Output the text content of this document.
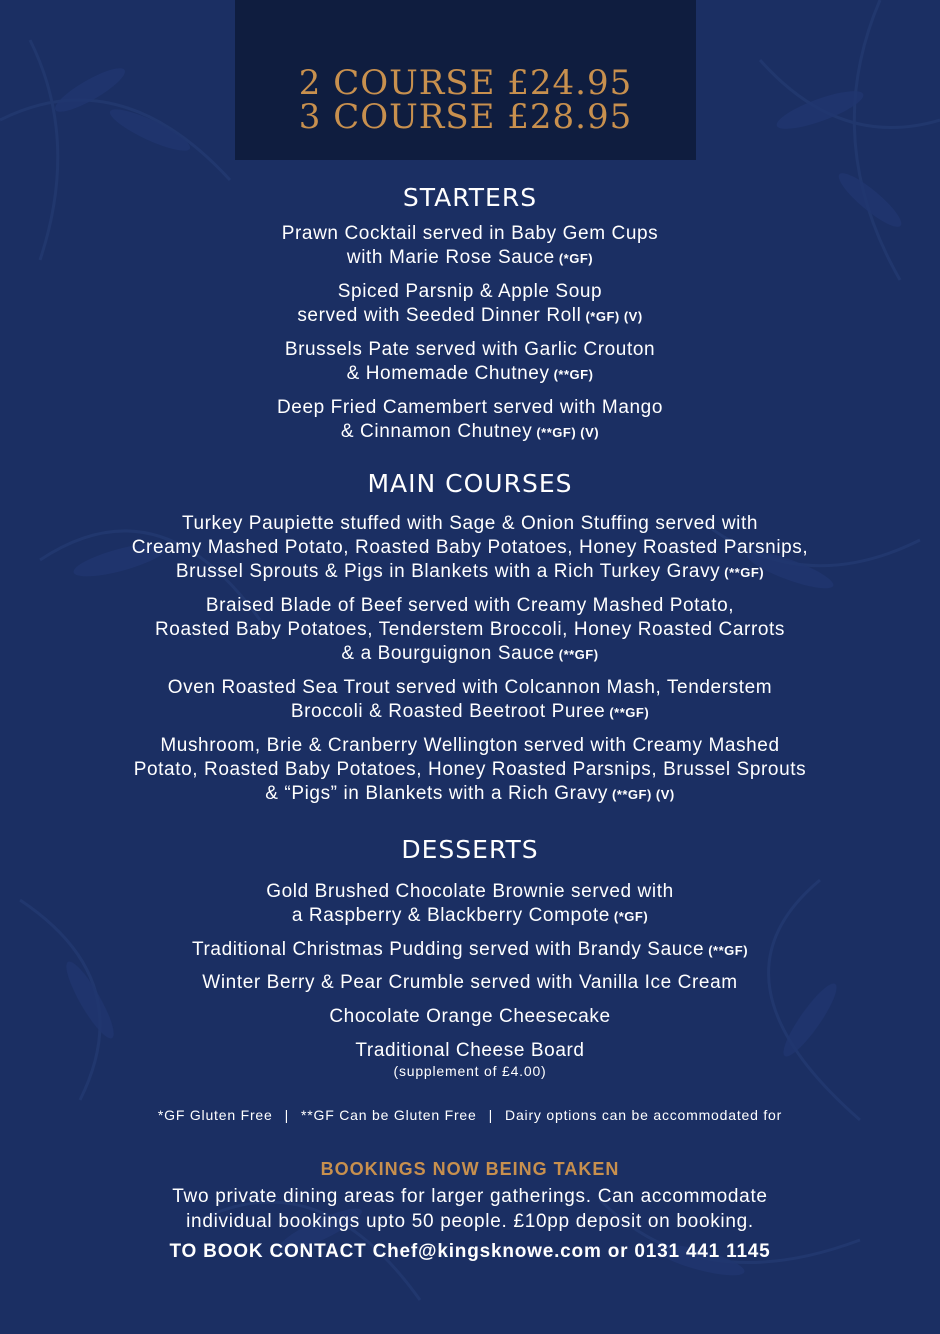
2 COURSE £24.95
3 COURSE £28.95
STARTERS
Prawn Cocktail served in Baby Gem Cups
with Marie Rose Sauce (*GF)
Spiced Parsnip & Apple Soup
served with Seeded Dinner Roll (*GF) (V)
Brussels Pate served with Garlic Crouton
& Homemade Chutney (**GF)
Deep Fried Camembert served with Mango
& Cinnamon Chutney (**GF) (V)
MAIN COURSES
Turkey Paupiette stuffed with Sage & Onion Stuffing served with
Creamy Mashed Potato, Roasted Baby Potatoes, Honey Roasted Parsnips,
Brussel Sprouts & Pigs in Blankets with a Rich Turkey Gravy (**GF)
Braised Blade of Beef served with Creamy Mashed Potato,
Roasted Baby Potatoes, Tenderstem Broccoli, Honey Roasted Carrots
& a Bourguignon Sauce (**GF)
Oven Roasted Sea Trout served with Colcannon Mash, Tenderstem
Broccoli & Roasted Beetroot Puree (**GF)
Mushroom, Brie & Cranberry Wellington served with Creamy Mashed
Potato, Roasted Baby Potatoes, Honey Roasted Parsnips, Brussel Sprouts
& “Pigs” in Blankets with a Rich Gravy (**GF) (V)
DESSERTS
Gold Brushed Chocolate Brownie served with
a Raspberry & Blackberry Compote (*GF)
Traditional Christmas Pudding served with Brandy Sauce (**GF)
Winter Berry & Pear Crumble served with Vanilla Ice Cream
Chocolate Orange Cheesecake
Traditional Cheese Board
(supplement of £4.00)
*GF Gluten Free | **GF Can be Gluten Free | Dairy options can be accommodated for
BOOKINGS NOW BEING TAKEN
Two private dining areas for larger gatherings. Can accommodate
individual bookings upto 50 people. £10pp deposit on booking.
TO BOOK CONTACT Chef@kingsknowe.com or 0131 441 1145
